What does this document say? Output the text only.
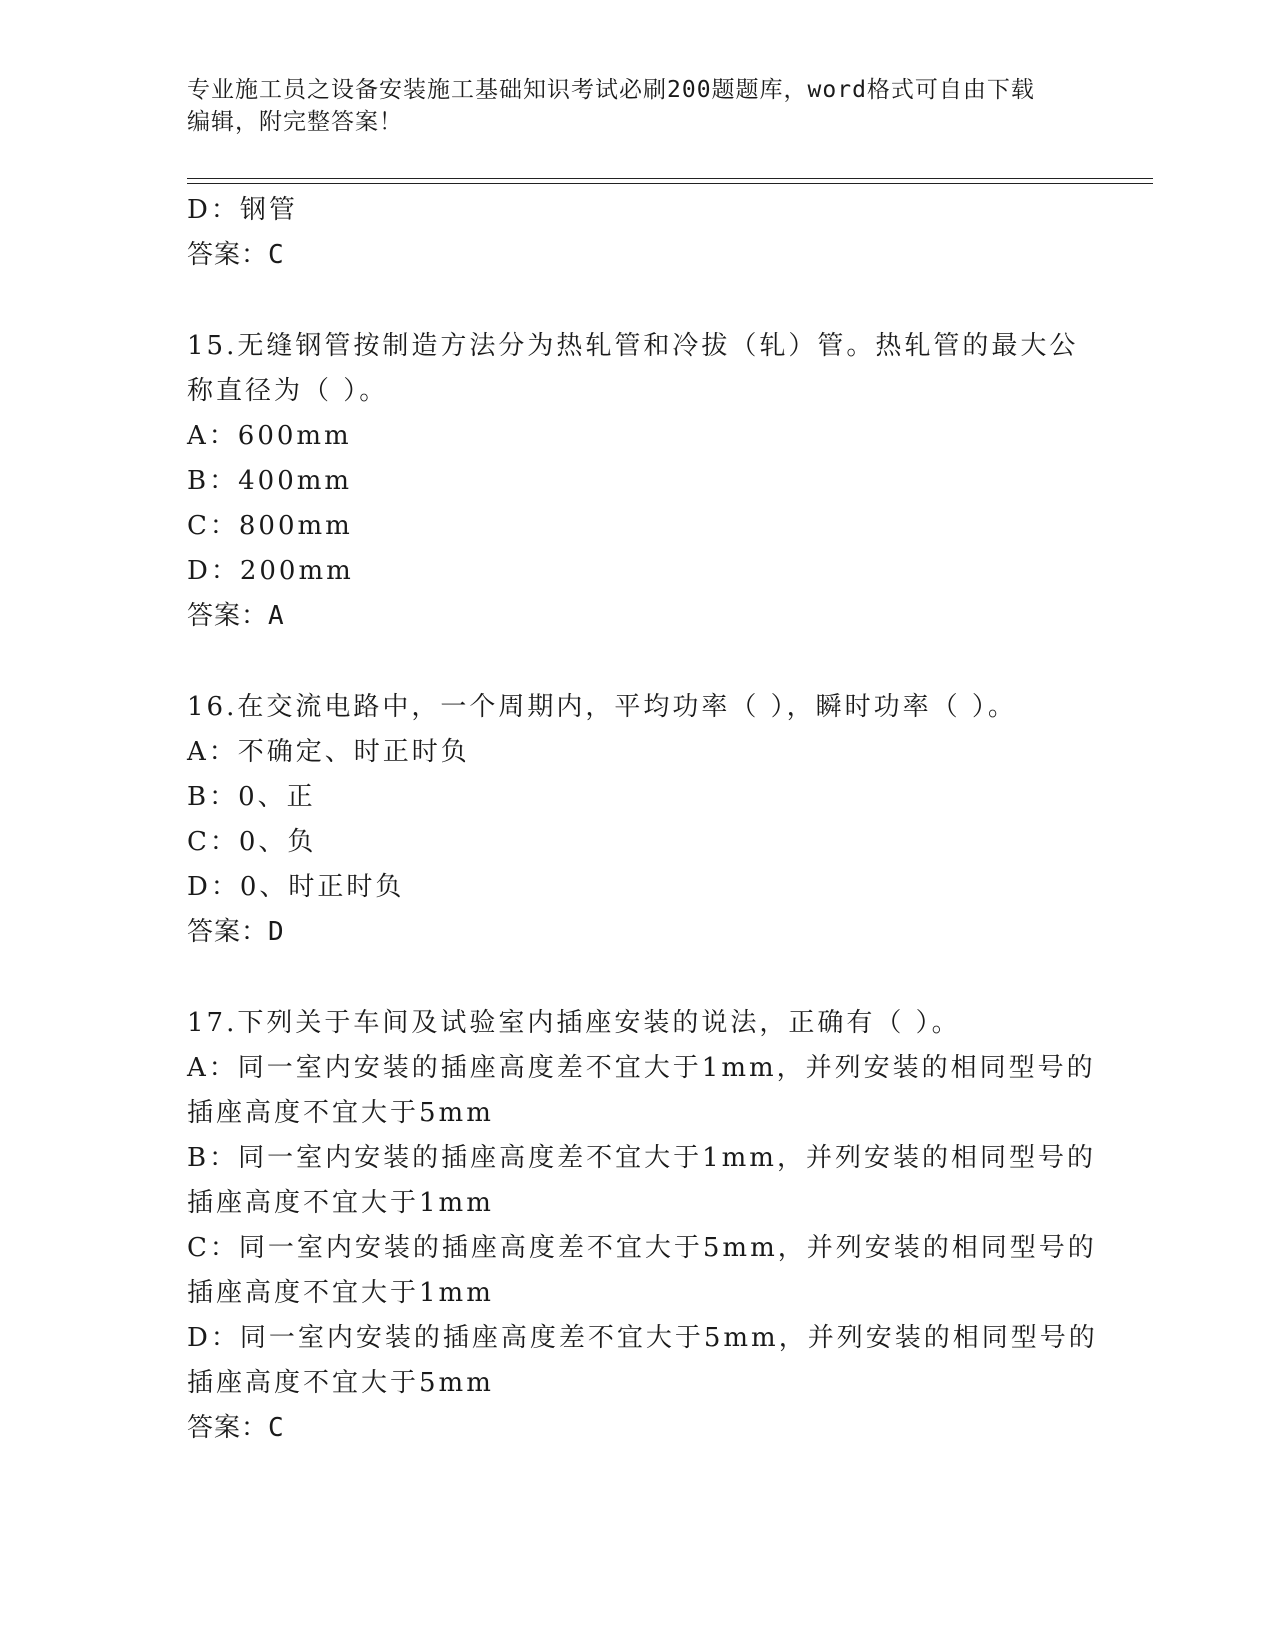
专业施工员之设备安装施工基础知识考试必刷200题题库，word格式可自由下载
编辑，附完整答案！
D：钢管
答案：C
15.无缝钢管按制造方法分为热轧管和冷拔（轧）管。热轧管的最大公
称直径为（ ）。
A：600mm
B：400mm
C：800mm
D：200mm
答案：A
16.在交流电路中，一个周期内，平均功率（ ），瞬时功率（ ）。
A：不确定、时正时负
B：0、正
C：0、负
D：0、时正时负
答案：D
17.下列关于车间及试验室内插座安装的说法，正确有（ ）。
A：同一室内安装的插座高度差不宜大于1mm，并列安装的相同型号的
插座高度不宜大于5mm
B：同一室内安装的插座高度差不宜大于1mm，并列安装的相同型号的
插座高度不宜大于1mm
C：同一室内安装的插座高度差不宜大于5mm，并列安装的相同型号的
插座高度不宜大于1mm
D：同一室内安装的插座高度差不宜大于5mm，并列安装的相同型号的
插座高度不宜大于5mm
答案：C
